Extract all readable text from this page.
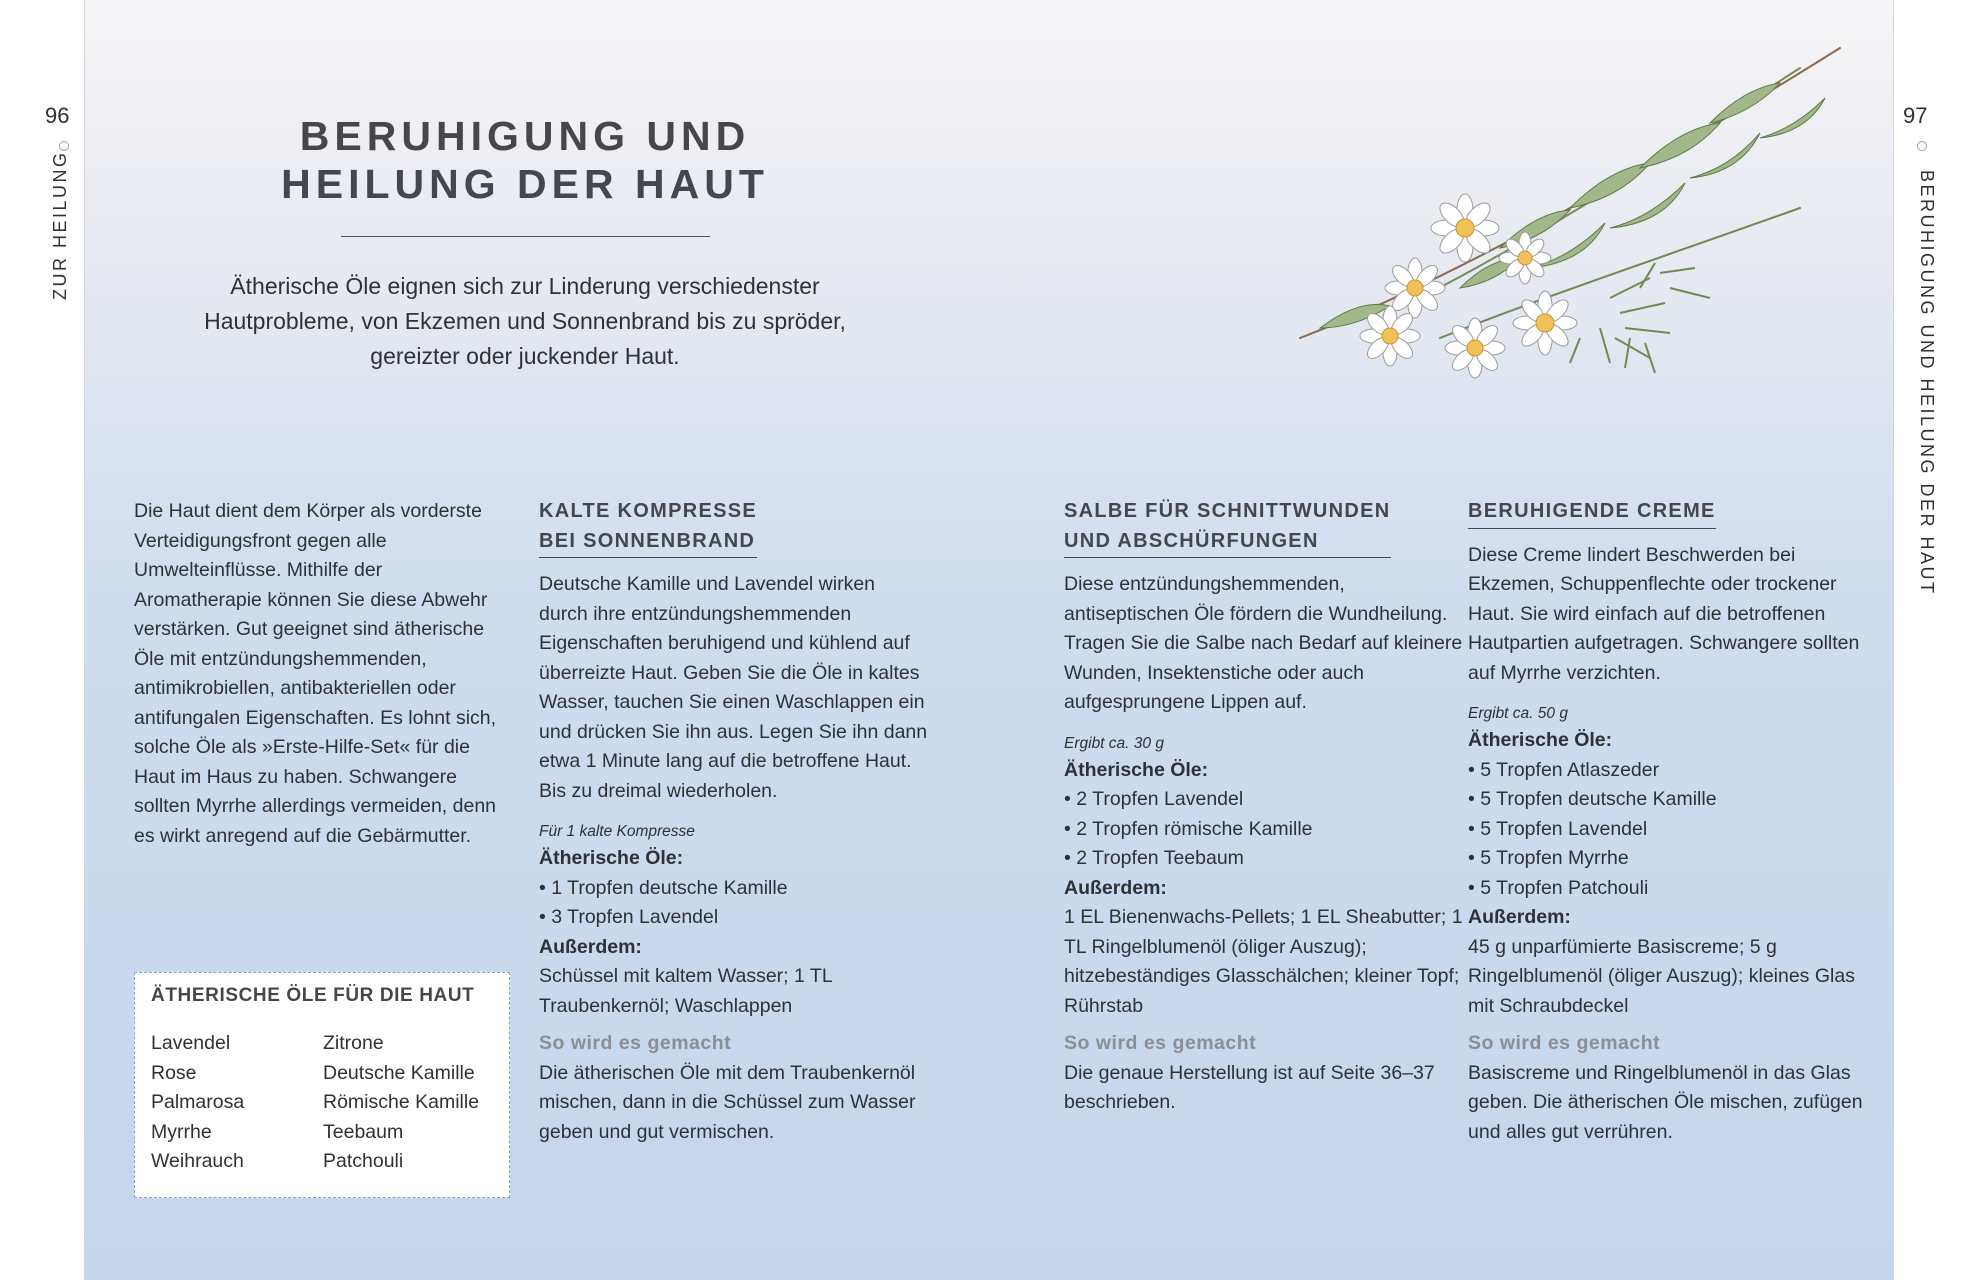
96	97
ZUR HEILUNG	BERUHIGUNG UND HEILUNG DER HAUT
BERUHIGUNG UND
HEILUNG DER HAUT
Ätherische Öle eignen sich zur Linderung verschiedenster Hautprobleme, von Ekzemen und Sonnenbrand bis zu spröder, gereizter oder juckender Haut.

Die Haut dient dem Körper als vorderste Verteidigungsfront gegen alle Umwelteinflüsse. Mithilfe der Aromatherapie können Sie diese Abwehr verstärken. Gut geeignet sind ätherische Öle mit entzündungshemmenden, antimikrobiellen, antibakteriellen oder antifungalen Eigenschaften. Es lohnt sich, solche Öle als »Erste-Hilfe-Set« für die Haut im Haus zu haben. Schwangere sollten Myrrhe allerdings vermeiden, denn es wirkt anregend auf die Gebärmutter.

ÄTHERISCHE ÖLE FÜR DIE HAUT
Lavendel
Rose
Palmarosa
Myrrhe
Weihrauch
Zitrone
Deutsche Kamille
Römische Kamille
Teebaum
Patchouli
KALTE KOMPRESSE
BEI SONNENBRAND

Deutsche Kamille und Lavendel wirken durch ihre entzündungshemmenden Eigenschaften beruhigend und kühlend auf überreizte Haut. Geben Sie die Öle in kaltes Wasser, tauchen Sie einen Waschlappen ein und drücken Sie ihn aus. Legen Sie ihn dann etwa 1 Minute lang auf die betroffene Haut. Bis zu dreimal wiederholen.

Für 1 kalte Kompresse
Ätherische Öle:
• 1 Tropfen deutsche Kamille
• 3 Tropfen Lavendel
Außerdem:

Schüssel mit kaltem Wasser; 1 TL Traubenkernöl; Waschlappen

So wird es gemacht

Die ätherischen Öle mit dem Traubenkernöl mischen, dann in die Schüssel zum Wasser geben und gut vermischen.

SALBE FÜR SCHNITTWUNDEN
UND ABSCHÜRFUNGEN

Diese entzündungshemmenden, antiseptischen Öle fördern die Wundheilung. Tragen Sie die Salbe nach Bedarf auf kleinere Wunden, Insektenstiche oder auch aufgesprungene Lippen auf.

Ergibt ca. 30 g
Ätherische Öle:
• 2 Tropfen Lavendel
• 2 Tropfen römische Kamille
• 2 Tropfen Teebaum
Außerdem:

1 EL Bienenwachs-Pellets; 1 EL Sheabutter; 1 TL Ringelblumenöl (öliger Auszug); hitzebeständiges Glasschälchen; kleiner Topf; Rührstab

So wird es gemacht

Die genaue Herstellung ist auf Seite 36–37 beschrieben.

BERUHIGENDE CREME

Diese Creme lindert Beschwerden bei Ekzemen, Schuppenflechte oder trockener Haut. Sie wird einfach auf die betroffenen Hautpartien aufgetragen. Schwangere sollten auf Myrrhe verzichten.

Ergibt ca. 50 g
Ätherische Öle:
• 5 Tropfen Atlaszeder
• 5 Tropfen deutsche Kamille
• 5 Tropfen Lavendel
• 5 Tropfen Myrrhe
• 5 Tropfen Patchouli
Außerdem:

45 g unparfümierte Basiscreme; 5 g Ringelblumenöl (öliger Auszug); kleines Glas mit Schraubdeckel

So wird es gemacht

Basiscreme und Ringelblumenöl in das Glas geben. Die ätherischen Öle mischen, zufügen und alles gut verrühren.
